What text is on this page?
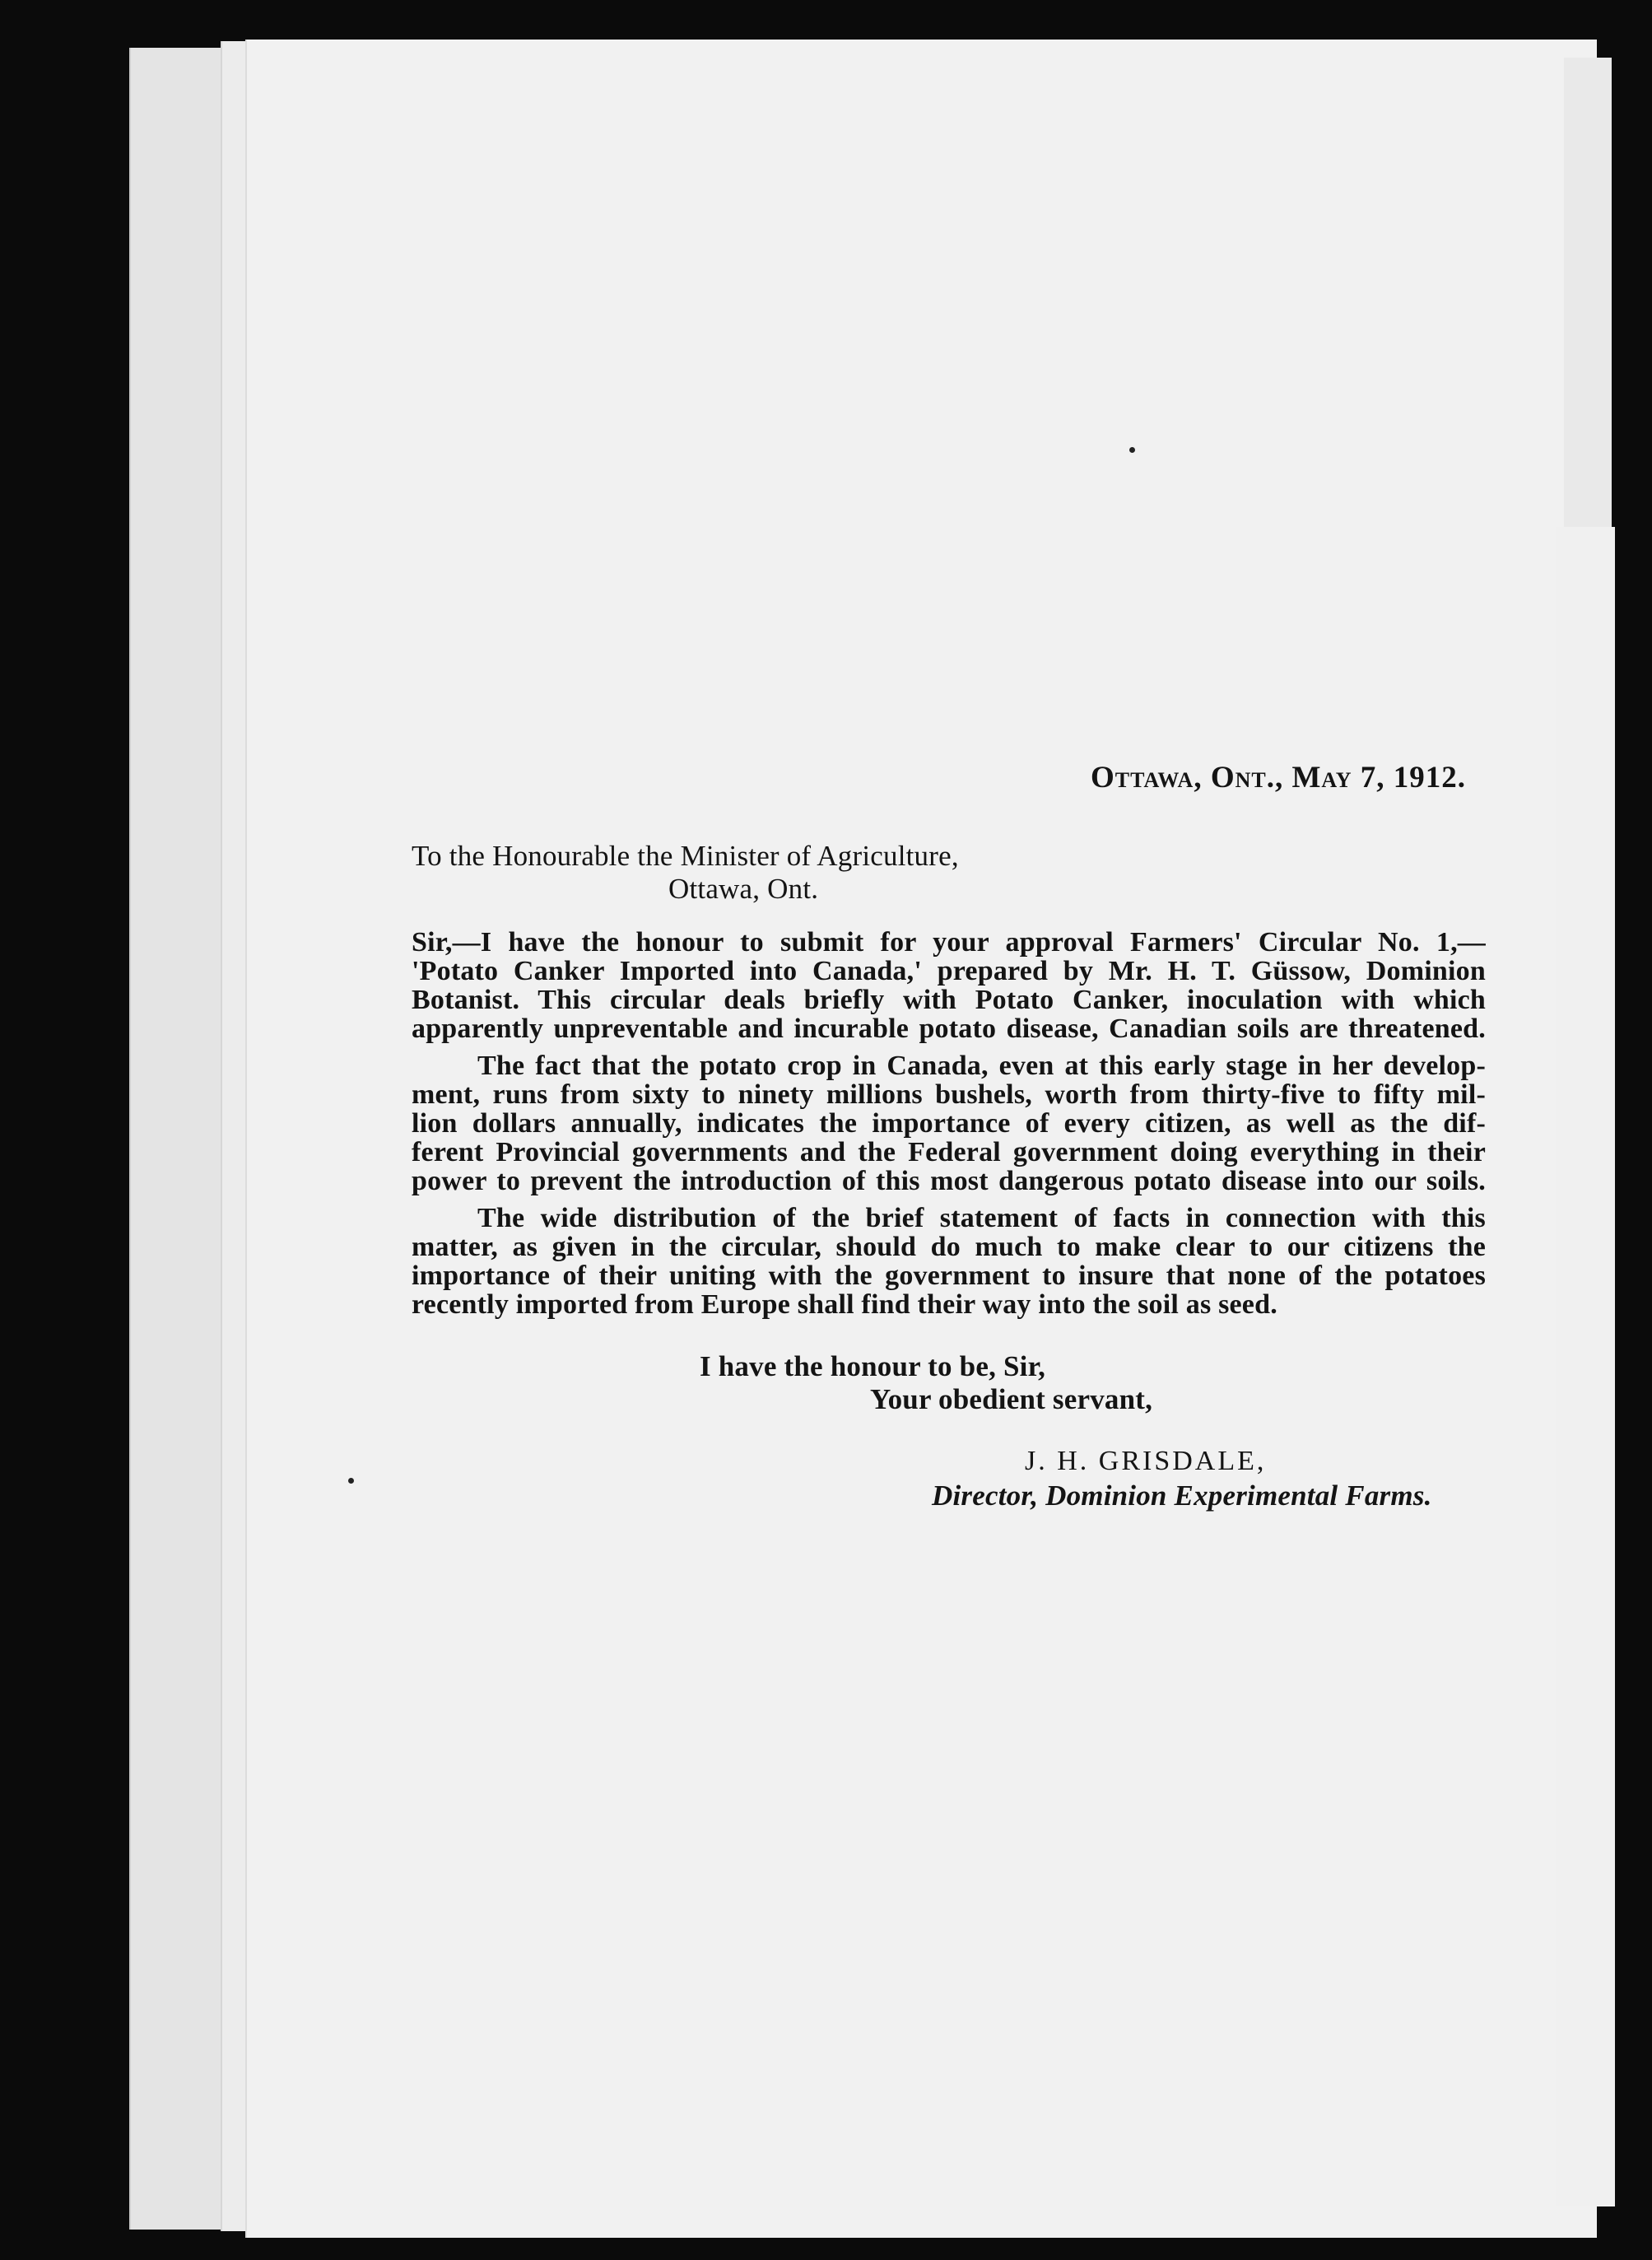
Ottawa, Ont., May 7, 1912.
To the Honourable the Minister of Agriculture,
Ottawa, Ont.
Sir,—I have the honour to submit for your approval Farmers' Circular No. 1,—
'Potato Canker Imported into Canada,' prepared by Mr. H. T. Güssow, Dominion
Botanist. This circular deals briefly with Potato Canker, inoculation with which
apparently unpreventable and incurable potato disease, Canadian soils are threatened.
The fact that the potato crop in Canada, even at this early stage in her develop-
ment, runs from sixty to ninety millions bushels, worth from thirty-five to fifty mil-
lion dollars annually, indicates the importance of every citizen, as well as the dif-
ferent Provincial governments and the Federal government doing everything in their
power to prevent the introduction of this most dangerous potato disease into our soils.
The wide distribution of the brief statement of facts in connection with this
matter, as given in the circular, should do much to make clear to our citizens the
importance of their uniting with the government to insure that none of the potatoes
recently imported from Europe shall find their way into the soil as seed.
I have the honour to be, Sir,
Your obedient servant,
J. H. GRISDALE,
Director, Dominion Experimental Farms.
